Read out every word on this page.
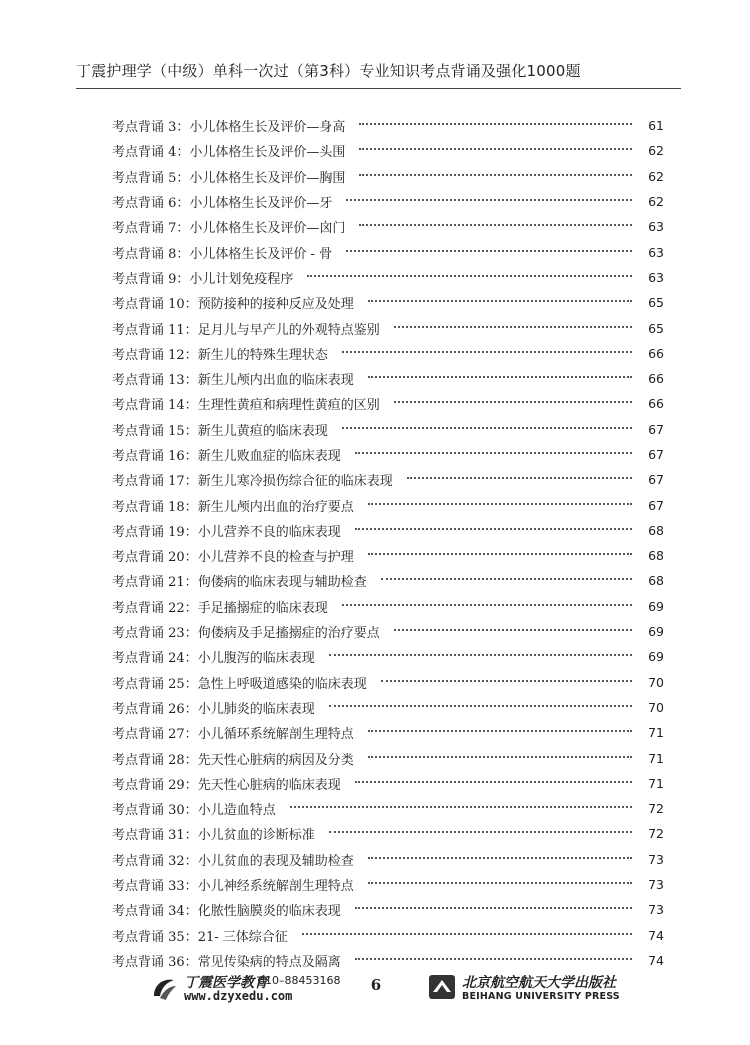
丁震护理学（中级）单科一次过（第3科）专业知识考点背诵及强化1000题
考点背诵 3： 小儿体格生长及评价—身高	61
考点背诵 4： 小儿体格生长及评价—头围	62
考点背诵 5： 小儿体格生长及评价—胸围	62
考点背诵 6： 小儿体格生长及评价—牙	62
考点背诵 7： 小儿体格生长及评价—囟门	63
考点背诵 8： 小儿体格生长及评价 - 骨	63
考点背诵 9： 小儿计划免疫程序	63
考点背诵 10： 预防接种的接种反应及处理	65
考点背诵 11： 足月儿与早产儿的外观特点鉴别	65
考点背诵 12： 新生儿的特殊生理状态	66
考点背诵 13： 新生儿颅内出血的临床表现	66
考点背诵 14： 生理性黄疸和病理性黄疸的区别	66
考点背诵 15： 新生儿黄疸的临床表现	67
考点背诵 16： 新生儿败血症的临床表现	67
考点背诵 17： 新生儿寒冷损伤综合征的临床表现	67
考点背诵 18： 新生儿颅内出血的治疗要点	67
考点背诵 19： 小儿营养不良的临床表现	68
考点背诵 20： 小儿营养不良的检查与护理	68
考点背诵 21： 佝偻病的临床表现与辅助检查	68
考点背诵 22： 手足搐搦症的临床表现	69
考点背诵 23： 佝偻病及手足搐搦症的治疗要点	69
考点背诵 24： 小儿腹泻的临床表现	69
考点背诵 25： 急性上呼吸道感染的临床表现	70
考点背诵 26： 小儿肺炎的临床表现	70
考点背诵 27： 小儿循环系统解剖生理特点	71
考点背诵 28： 先天性心脏病的病因及分类	71
考点背诵 29： 先天性心脏病的临床表现	71
考点背诵 30： 小儿造血特点	72
考点背诵 31： 小儿贫血的诊断标准	72
考点背诵 32： 小儿贫血的表现及辅助检查	73
考点背诵 33： 小儿神经系统解剖生理特点	73
考点背诵 34： 化脓性脑膜炎的临床表现	73
考点背诵 35： 21- 三体综合征	74
考点背诵 36： 常见传染病的特点及隔离	74
丁震医学教育
010–88453168
www.dzyxedu.com
6	北京航空航天大学出版社
BEIHANG UNIVERSITY PRESS
